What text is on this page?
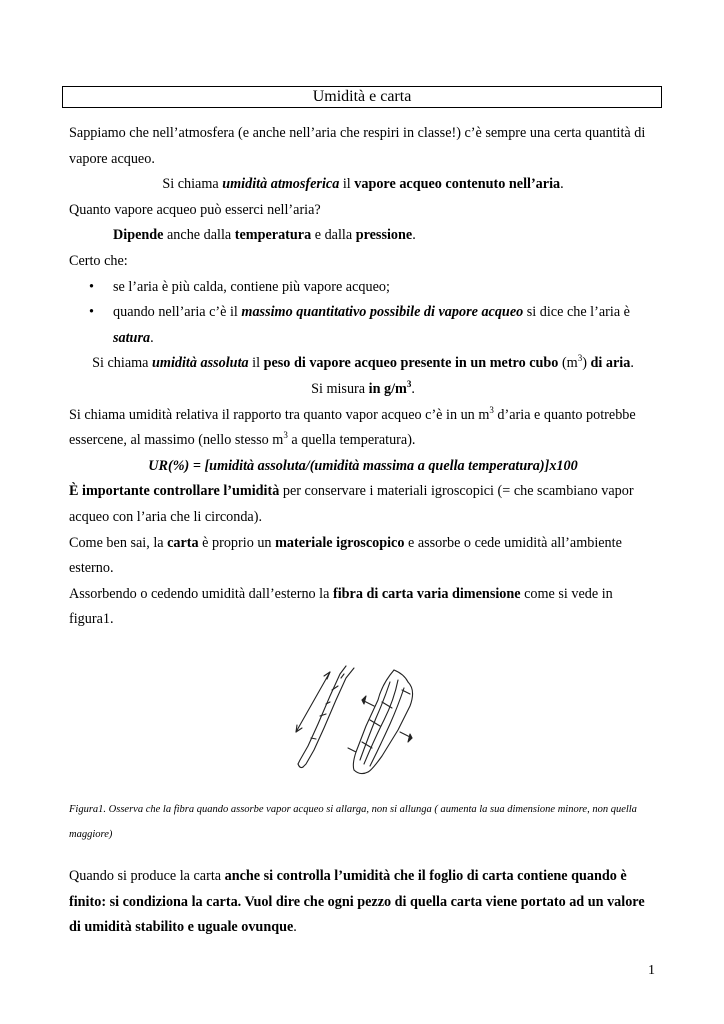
Umidità e carta

Sappiamo che nell’atmosfera (e anche nell’aria che respiri in classe!) c’è sempre una certa quantità di vapore acqueo.

Si chiama umidità atmosferica il vapore acqueo contenuto nell’aria.

Quanto vapore acqueo può esserci nell’aria?

Dipende anche dalla temperatura e dalla pressione.

Certo che:

• se l’aria è più calda, contiene più vapore acqueo;
• quando nell’aria c’è il massimo quantitativo possibile di vapore acqueo si dice che l’aria è satura.

Si chiama umidità assoluta il peso di vapore acqueo presente in un metro cubo $(m^3)$ di aria.

Si misura in $g/m^3$.

Si chiama umidità relativa il rapporto tra quanto vapor acqueo c’è in un $m^3$ d’aria e quanto potrebbe essercene, al massimo (nello stesso $m^3$ a quella temperatura).

UR(%) = [umidità assoluta/(umidità massima a quella temperatura)]x100

È importante controllare l’umidità per conservare i materiali igroscopici (= che scambiano vapor acqueo con l’aria che li circonda).

Come ben sai, la carta è proprio un materiale igroscopico e assorbe o cede umidità all’ambiente esterno.

Assorbendo o cedendo umidità dall’esterno la fibra di carta varia dimensione come si vede in figura1.

Figura1. Osserva che la fibra quando assorbe vapor acqueo si allarga, non si allunga ( aumenta la sua dimensione minore, non quella maggiore)

Quando si produce la carta anche si controlla l’umidità che il foglio di carta contiene quando è finito: si condiziona la carta. Vuol dire che ogni pezzo di quella carta viene portato ad un valore di umidità stabilito e uguale ovunque.

1
